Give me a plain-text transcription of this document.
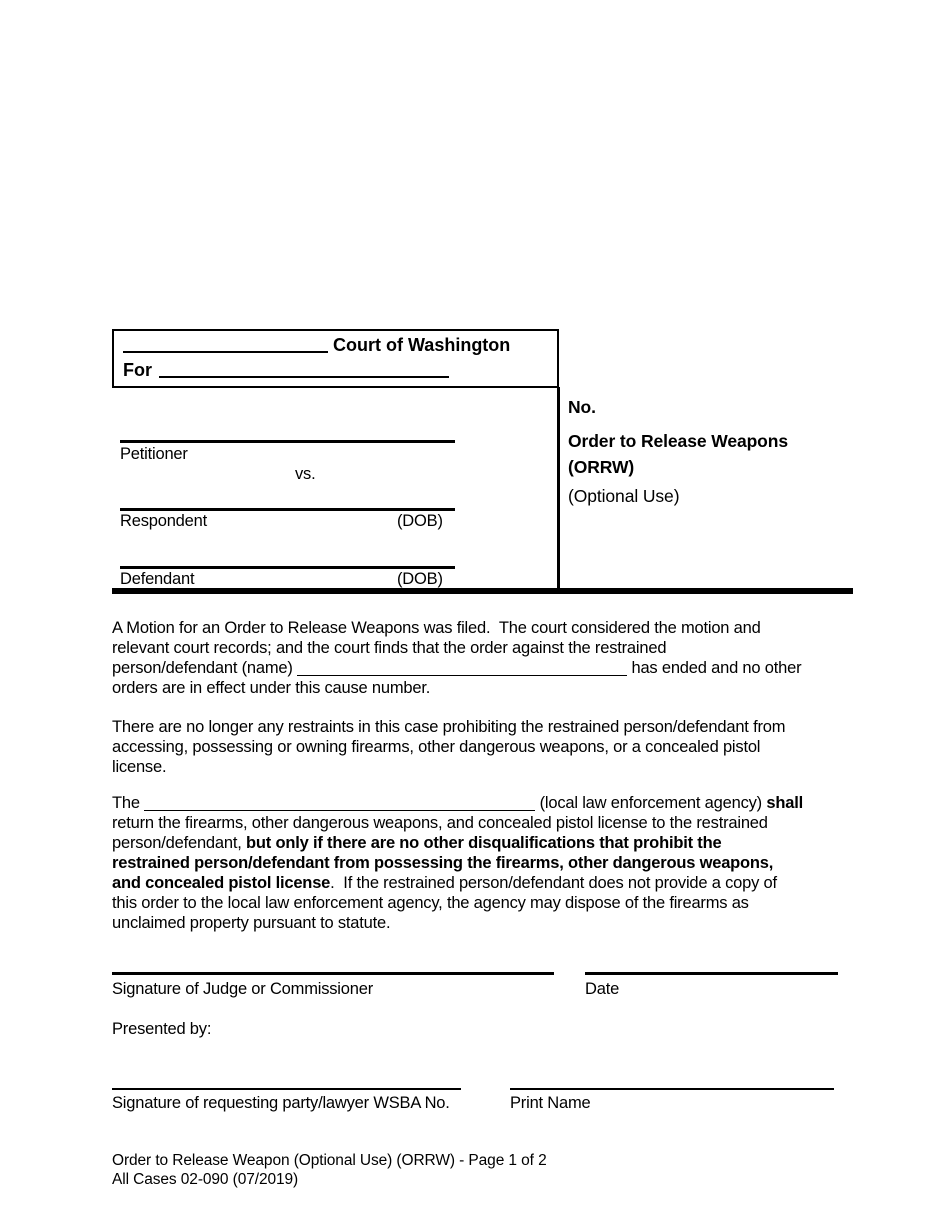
Court of Washington
For
Petitioner
vs.
Respondent	(DOB)
Defendant	(DOB)

No.

Order to Release Weapons (ORRW)

(Optional Use)

A Motion for an Order to Release Weapons was filed.  The court considered the motion and
relevant court records; and the court finds that the order against the restrained
person/defendant (name)	has ended and no other
orders are in effect under this cause number.
There are no longer any restraints in this case prohibiting the restrained person/defendant from
accessing, possessing or owning firearms, other dangerous weapons, or a concealed pistol
license.
The	(local law enforcement agency) shall
return the firearms, other dangerous weapons, and concealed pistol license to the restrained
person/defendant, but only if there are no other disqualifications that prohibit the
restrained person/defendant from possessing the firearms, other dangerous weapons,
and concealed pistol license.  If the restrained person/defendant does not provide a copy of
this order to the local law enforcement agency, the agency may dispose of the firearms as
unclaimed property pursuant to statute.
Signature of Judge or Commissioner	Date
Presented by:
Signature of requesting party/lawyer WSBA No.	Print Name
Order to Release Weapon (Optional Use) (ORRW) - Page 1 of 2
All Cases 02-090 (07/2019)
